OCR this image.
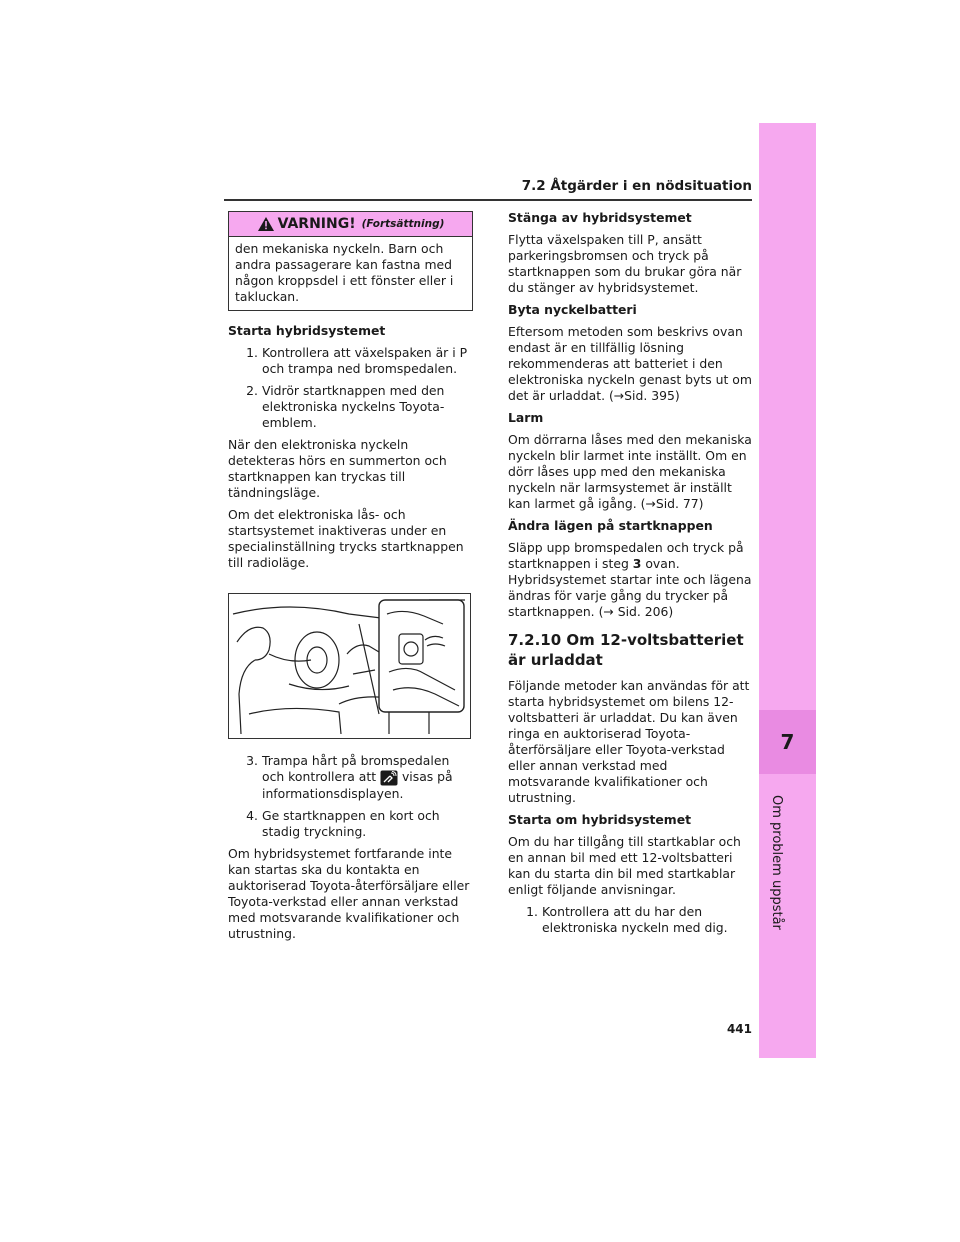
7
Om problem uppstår
7.2 Åtgärder i en nödsituation
VARNING! (Fortsättning)

den mekaniska nyckeln. Barn och andra passagerare kan fastna med någon kroppsdel i ett fönster eller i takluckan.

Starta hybridsystemet
1. Kontrollera att växelspaken är i P och trampa ned bromspedalen.
2. Vidrör startknappen med den elektroniska nyckelns Toyota-emblem.

När den elektroniska nyckeln detekteras hörs en summerton och startknappen kan tryckas till tändningsläge.

Om det elektroniska lås- och startsystemet inaktiveras under en specialinställning trycks startknappen till radioläge.

3. Trampa hårt på bromspedalen och kontrollera att visas på informationsdisplayen.
4. Ge startknappen en kort och stadig tryckning.

Om hybridsystemet fortfarande inte kan startas ska du kontakta en auktoriserad Toyota-återförsäljare eller Toyota-verkstad eller annan verkstad med motsvarande kvalifikationer och utrustning.

Stänga av hybridsystemet

Flytta växelspaken till P, ansätt parkeringsbromsen och tryck på startknappen som du brukar göra när du stänger av hybridsystemet.

Byta nyckelbatteri

Eftersom metoden som beskrivs ovan endast är en tillfällig lösning rekommenderas att batteriet i den elektroniska nyckeln genast byts ut om det är urladdat. (→Sid. 395)

Larm

Om dörrarna låses med den mekaniska nyckeln blir larmet inte inställt. Om en dörr låses upp med den mekaniska nyckeln när larmsystemet är inställt kan larmet gå igång. (→Sid. 77)

Ändra lägen på startknappen

Släpp upp bromspedalen och tryck på startknappen i steg 3 ovan. Hybridsystemet startar inte och lägena ändras för varje gång du trycker på startknappen. (→ Sid. 206)

7.2.10 Om 12-voltsbatteriet är urladdat

Följande metoder kan användas för att starta hybridsystemet om bilens 12-voltsbatteri är urladdat. Du kan även ringa en auktoriserad Toyota-återförsäljare eller Toyota-verkstad eller annan verkstad med motsvarande kvalifikationer och utrustning.

Starta om hybridsystemet

Om du har tillgång till startkablar och en annan bil med ett 12-voltsbatteri kan du starta din bil med startkablar enligt följande anvisningar.

1. Kontrollera att du har den elektroniska nyckeln med dig.
441
